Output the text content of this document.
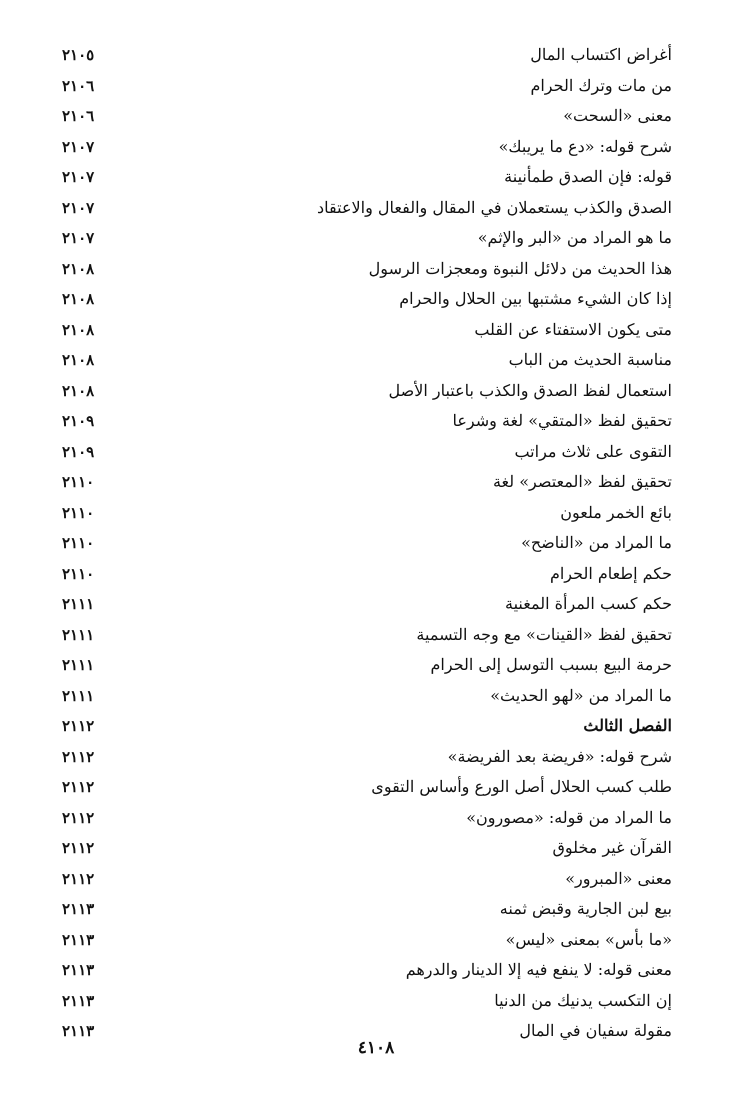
أغراض اكتساب المال
٢١٠٥
من مات وترك الحرام
٢١٠٦
معنى «السحت»
٢١٠٦
شرح قوله: «دع ما يريبك»
٢١٠٧
قوله: فإن الصدق طمأنينة
٢١٠٧
الصدق والكذب يستعملان في المقال والفعال والاعتقاد
٢١٠٧
ما هو المراد من «البر والإثم»
٢١٠٧
هذا الحديث من دلائل النبوة ومعجزات الرسول
٢١٠٨
إذا كان الشيء مشتبها بين الحلال والحرام
٢١٠٨
متى يكون الاستفتاء عن القلب
٢١٠٨
مناسبة الحديث من الباب
٢١٠٨
استعمال لفظ الصدق والكذب باعتبار الأصل
٢١٠٨
تحقيق لفظ «المتقي» لغة وشرعا
٢١٠٩
التقوى على ثلاث مراتب
٢١٠٩
تحقيق لفظ «المعتصر» لغة
٢١١٠
بائع الخمر ملعون
٢١١٠
ما المراد من «الناضح»
٢١١٠
حكم إطعام الحرام
٢١١٠
حكم كسب المرأة المغنية
٢١١١
تحقيق لفظ «القينات» مع وجه التسمية
٢١١١
حرمة البيع بسبب التوسل إلى الحرام
٢١١١
ما المراد من «لهو الحديث»
٢١١١
الفصل الثالث
٢١١٢
شرح قوله: «فريضة بعد الفريضة»
٢١١٢
طلب كسب الحلال أصل الورع وأساس التقوى
٢١١٢
ما المراد من قوله: «مصورون»
٢١١٢
القرآن غير مخلوق
٢١١٢
معنى «المبرور»
٢١١٢
بيع لبن الجارية وقبض ثمنه
٢١١٣
«ما بأس» بمعنى «ليس»
٢١١٣
معنى قوله: لا ينفع فيه إلا الدينار والدرهم
٢١١٣
إن التكسب يدنيك من الدنيا
٢١١٣
مقولة سفيان في المال
٢١١٣
٤١٠٨
